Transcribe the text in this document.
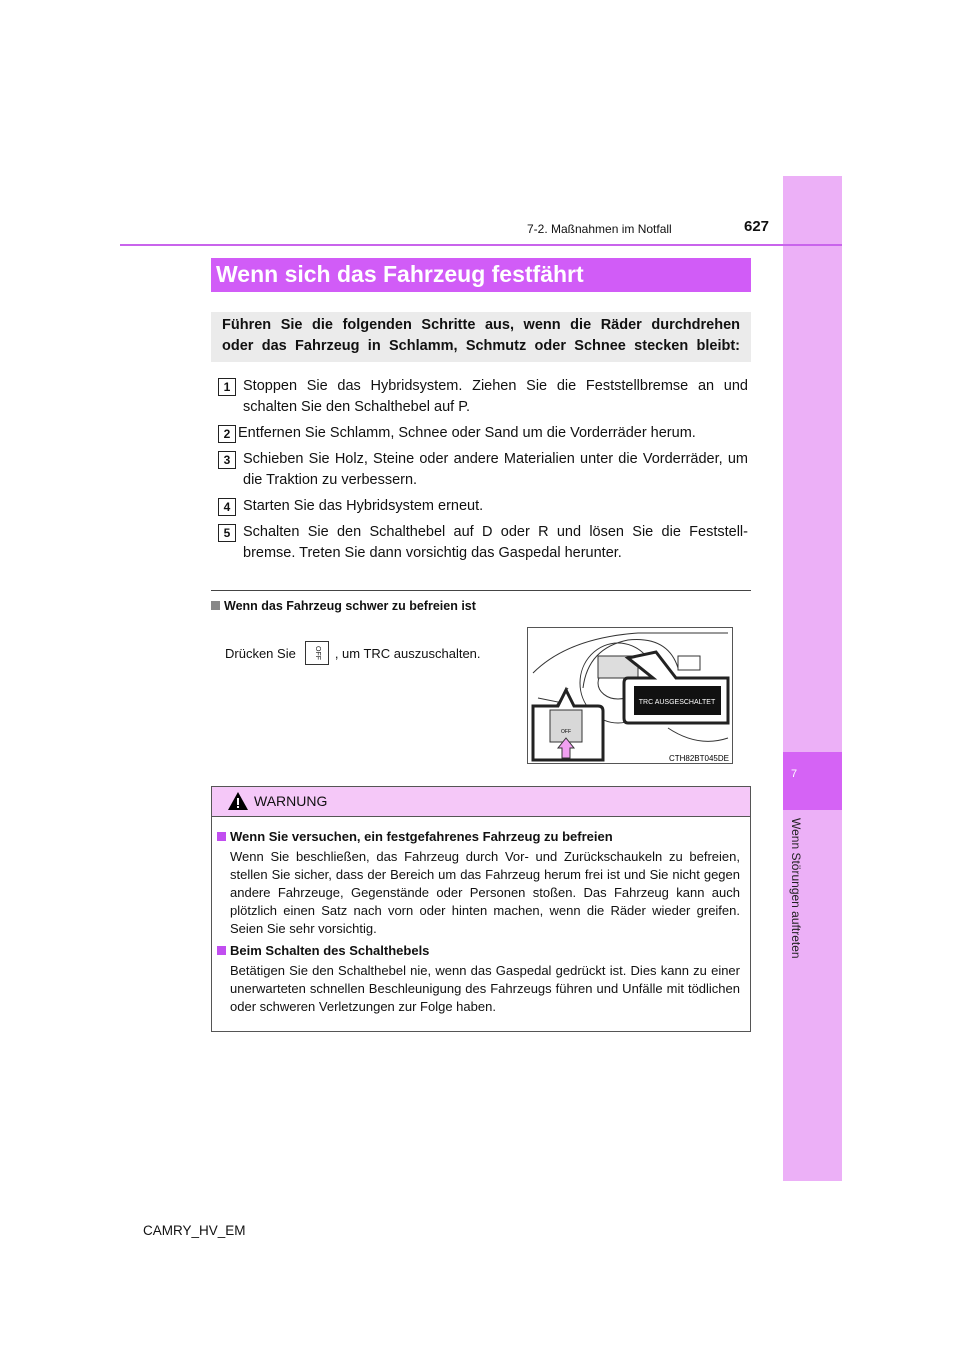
7
Wenn Störungen auftreten
7-2. Maßnahmen im Notfall	627
Wenn sich das Fahrzeug festfährt
Führen Sie die folgenden Schritte aus, wenn die Räder durchdrehen
oder das Fahrzeug in Schlamm, Schmutz oder Schnee stecken bleibt:
1 Stoppen Sie das Hybridsystem. Ziehen Sie die Feststellbremse an und schalten Sie den Schalthebel auf P.
2 Entfernen Sie Schlamm, Schnee oder Sand um die Vorderräder herum.
3 Schieben Sie Holz, Steine oder andere Materialien unter die Vorderräder, um die Traktion zu verbessern.
4 Starten Sie das Hybridsystem erneut.
5 Schalten Sie den Schalthebel auf D oder R und lösen Sie die Feststell-bremse. Treten Sie dann vorsichtig das Gaspedal herunter.
Wenn das Fahrzeug schwer zu befreien ist
Drücken Sie	OFF	, um TRC auszuschalten.
TRC AUSGESCHALTET
OFF
CTH82BT045DE
WARNUNG
Wenn Sie versuchen, ein festgefahrenes Fahrzeug zu befreien
Wenn Sie beschließen, das Fahrzeug durch Vor- und Zurückschaukeln zu befreien, stellen Sie sicher, dass der Bereich um das Fahrzeug herum frei ist und Sie nicht gegen andere Fahrzeuge, Gegenstände oder Personen stoßen. Das Fahrzeug kann auch plötzlich einen Satz nach vorn oder hinten machen, wenn die Räder wieder greifen. Seien Sie sehr vorsichtig.
Beim Schalten des Schalthebels
Betätigen Sie den Schalthebel nie, wenn das Gaspedal gedrückt ist. Dies kann zu einer unerwarteten schnellen Beschleunigung des Fahrzeugs führen und Unfälle mit tödlichen oder schweren Verletzungen zur Folge haben.
CAMRY_HV_EM
